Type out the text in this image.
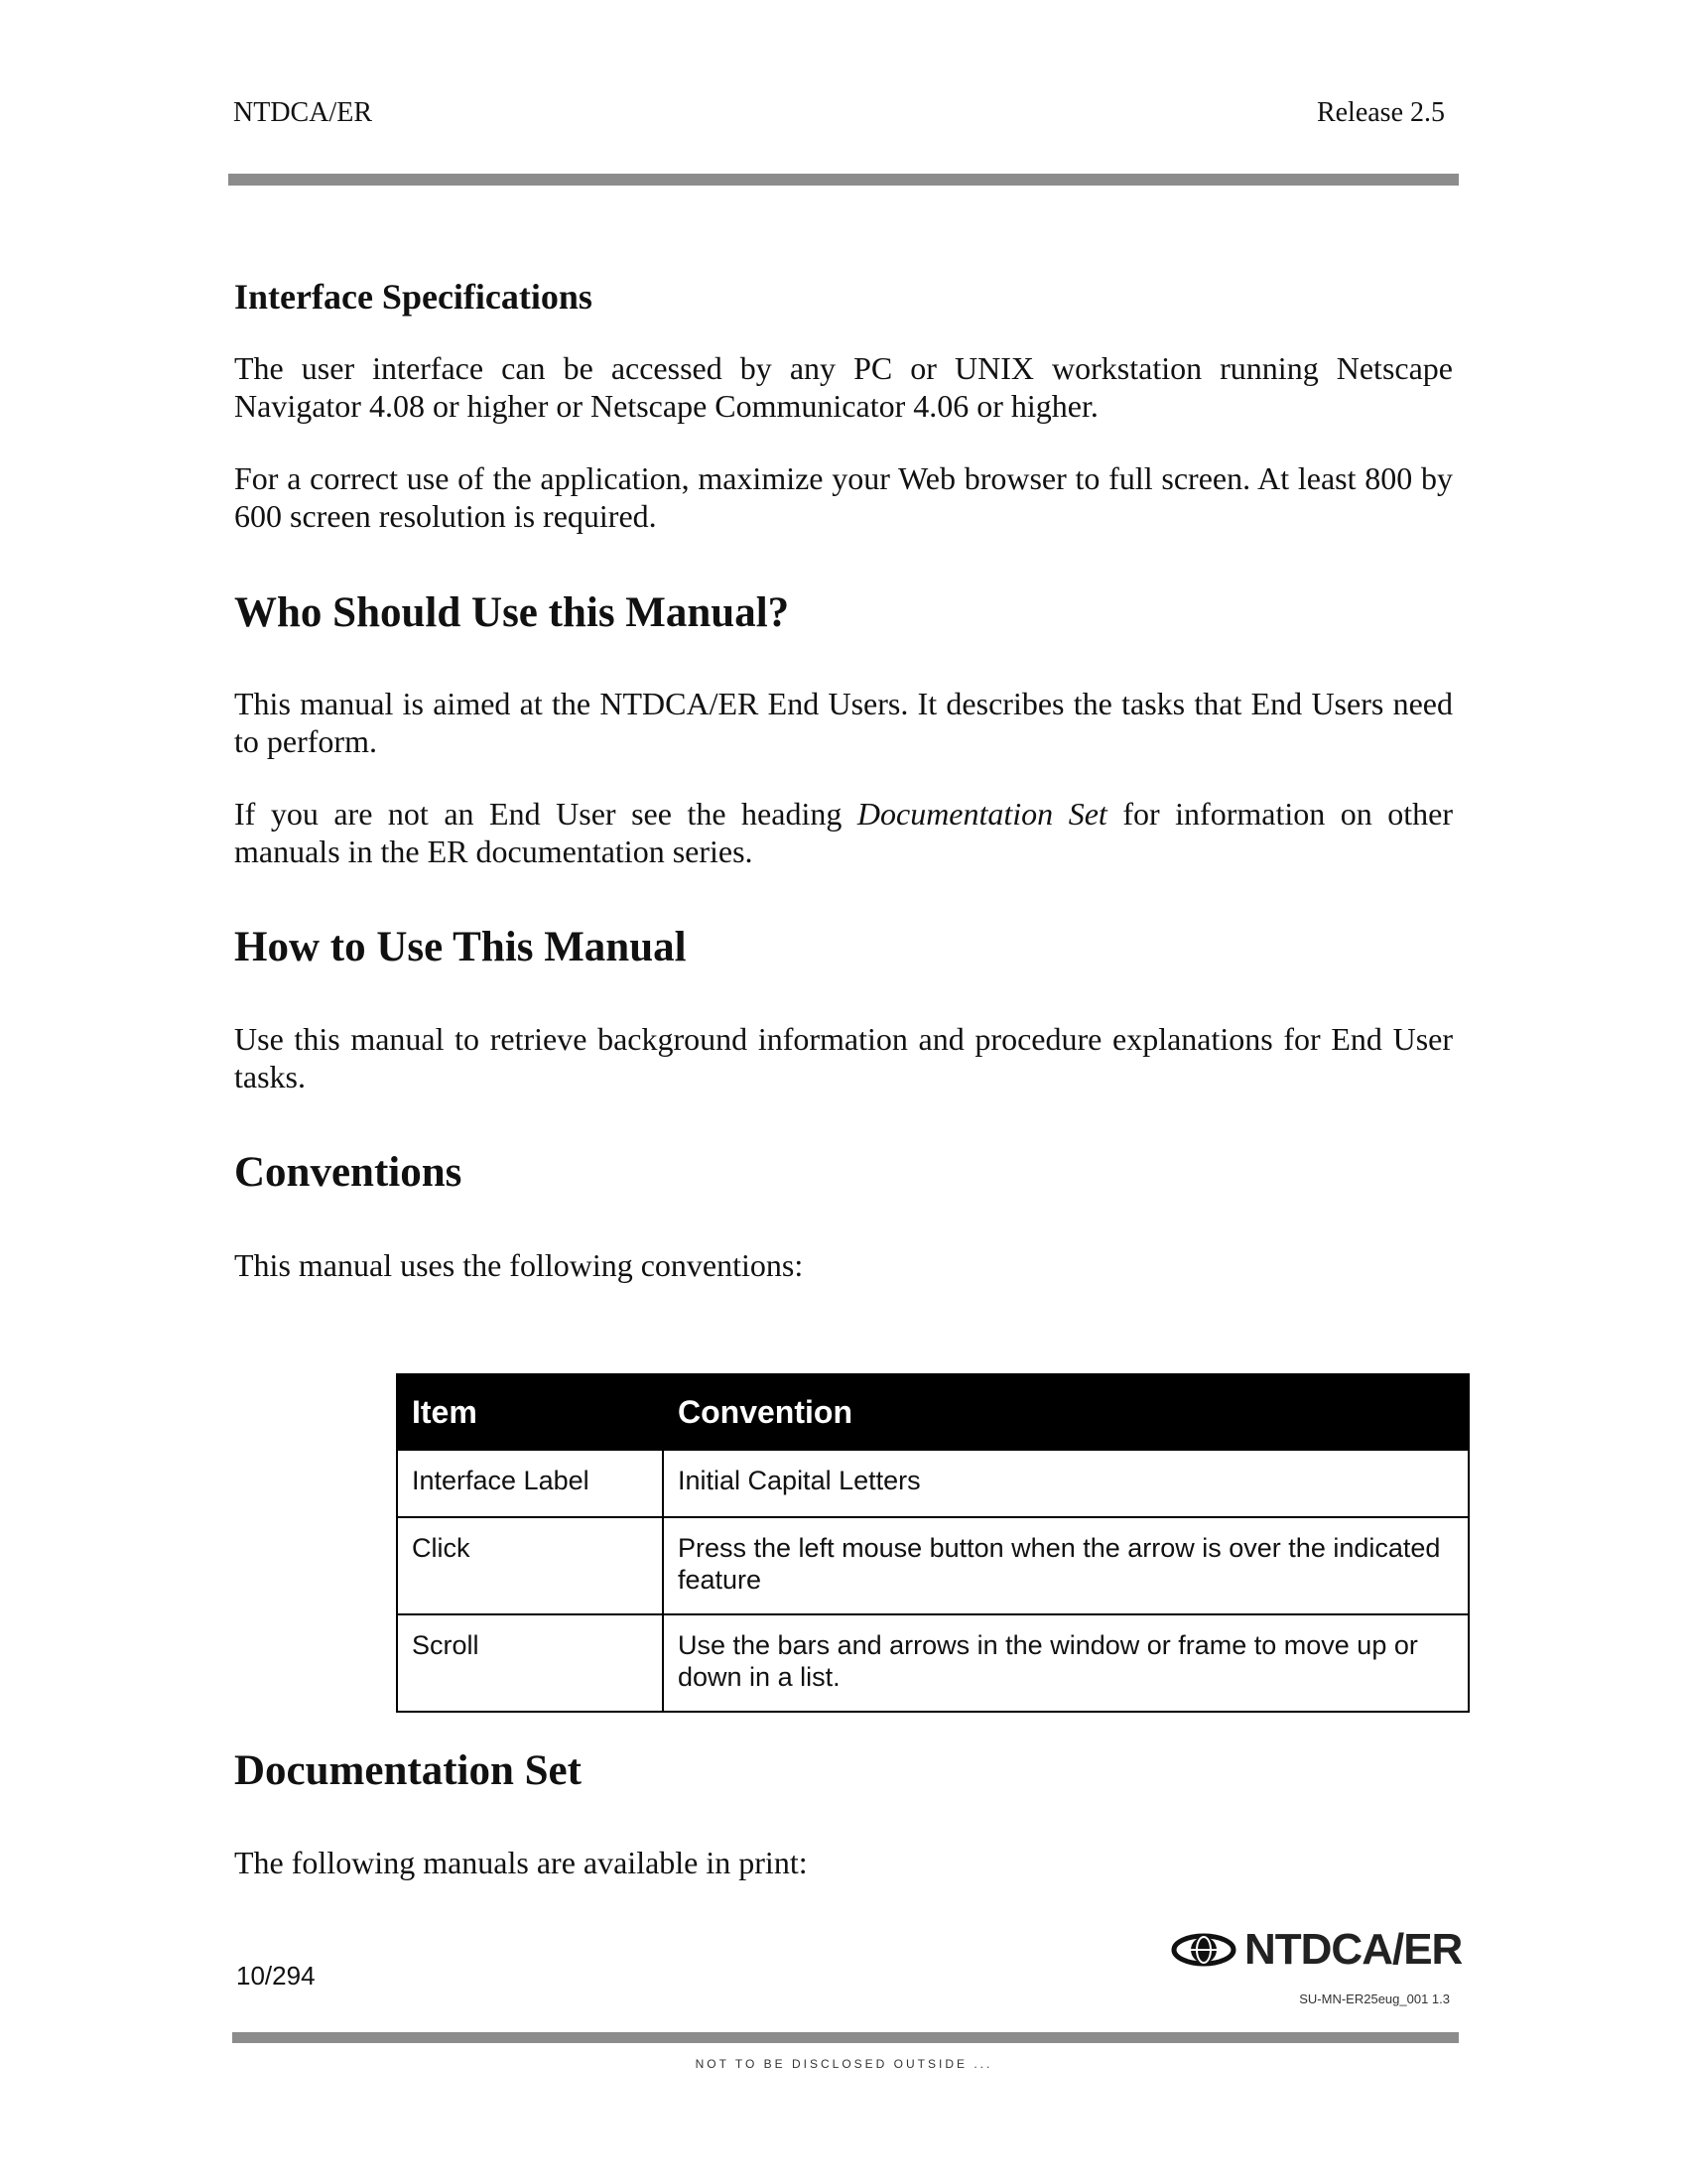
NTDCA/ER	Release 2.5
Interface Specifications

The user interface can be accessed by any PC or UNIX workstation running Netscape Navigator 4.08 or higher or Netscape Communicator 4.06 or higher.

For a correct use of the application, maximize your Web browser to full screen. At least 800 by 600 screen resolution is required.

Who Should Use this Manual?

This manual is aimed at the NTDCA/ER End Users. It describes the tasks that End Users need to perform.

If you are not an End User see the heading Documentation Set for information on other manuals in the ER documentation series.

How to Use This Manual

Use this manual to retrieve background information and procedure explanations for End User tasks.

Conventions

This manual uses the following conventions:

Item	Convention
Interface Label	Initial Capital Letters
Click	Press the left mouse button when the arrow is over the indicated feature
Scroll	Use the bars and arrows in the window or frame to move up or down in a list.
Documentation Set

The following manuals are available in print:

10/294
NTDCA/ER
SU-MN-ER25eug_001 1.3
NOT TO BE DISCLOSED OUTSIDE ...
